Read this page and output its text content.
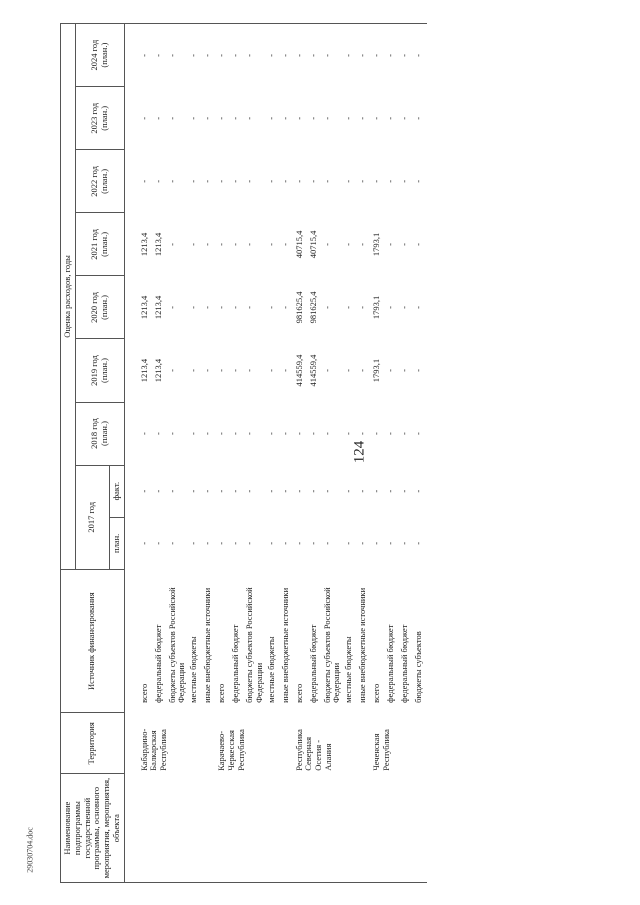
124
29030704.doc	Наименование подпрограммы государственной программы, основного мероприятия, мероприятия, объекта	Территория	Источник финансирования	Оценка расходов, годы								
			2017 год		2018 год (план.)	2019 год (план.)	2020 год (план.)	2021 год (план.)	2022 год (план.)	2023 год (план.)	2024 год (план.)
			план.	факт.							

	Кабардино-Балкарская Республика	всего	-	-	-	1213,4	1213,4	1213,4	-	-	-
		федеральный бюджет	-	-	-	1213,4	1213,4	1213,4	-	-	-
		бюджеты субъектов Российской Федерации	-	-	-	-	-	-	-	-	-
		местные бюджеты	-	-	-	-	-	-	-	-	-
		иные внебюджетные источники	-	-	-	-	-	-	-	-	-
	Карачаево-Черкесская Республика	всего	-	-	-	-	-	-	-	-	-
		федеральный бюджет	-	-	-	-	-	-	-	-	-
		бюджеты субъектов Российской Федерации	-	-	-	-	-	-	-	-	-
		местные бюджеты	-	-	-	-	-	-	-	-	-
		иные внебюджетные источники	-	-	-	-	-	-	-	-	-
	Республика Северная Осетия - Алания	всего	-	-	-	414559,4	981625,4	40715,4	-	-	-
		федеральный бюджет	-	-	-	414559,4	981625,4	40715,4	-	-	-
		бюджеты субъектов Российской Федерации	-	-	-	-	-	-	-	-	-
		местные бюджеты	-	-	-	-	-	-	-	-	-
		иные внебюджетные источники	-	-	-	-	-	-	-	-	-
	Чеченская Республика	всего	-	-	-	1793,1	1793,1	1793,1	-	-	-
		федеральный бюджет	-	-	-	-	-	-	-	-	-
		федеральный бюджет	-	-	-	-	-	-	-	-	-
		бюджеты субъектов	-	-	-	-	-	-	-	-	-
